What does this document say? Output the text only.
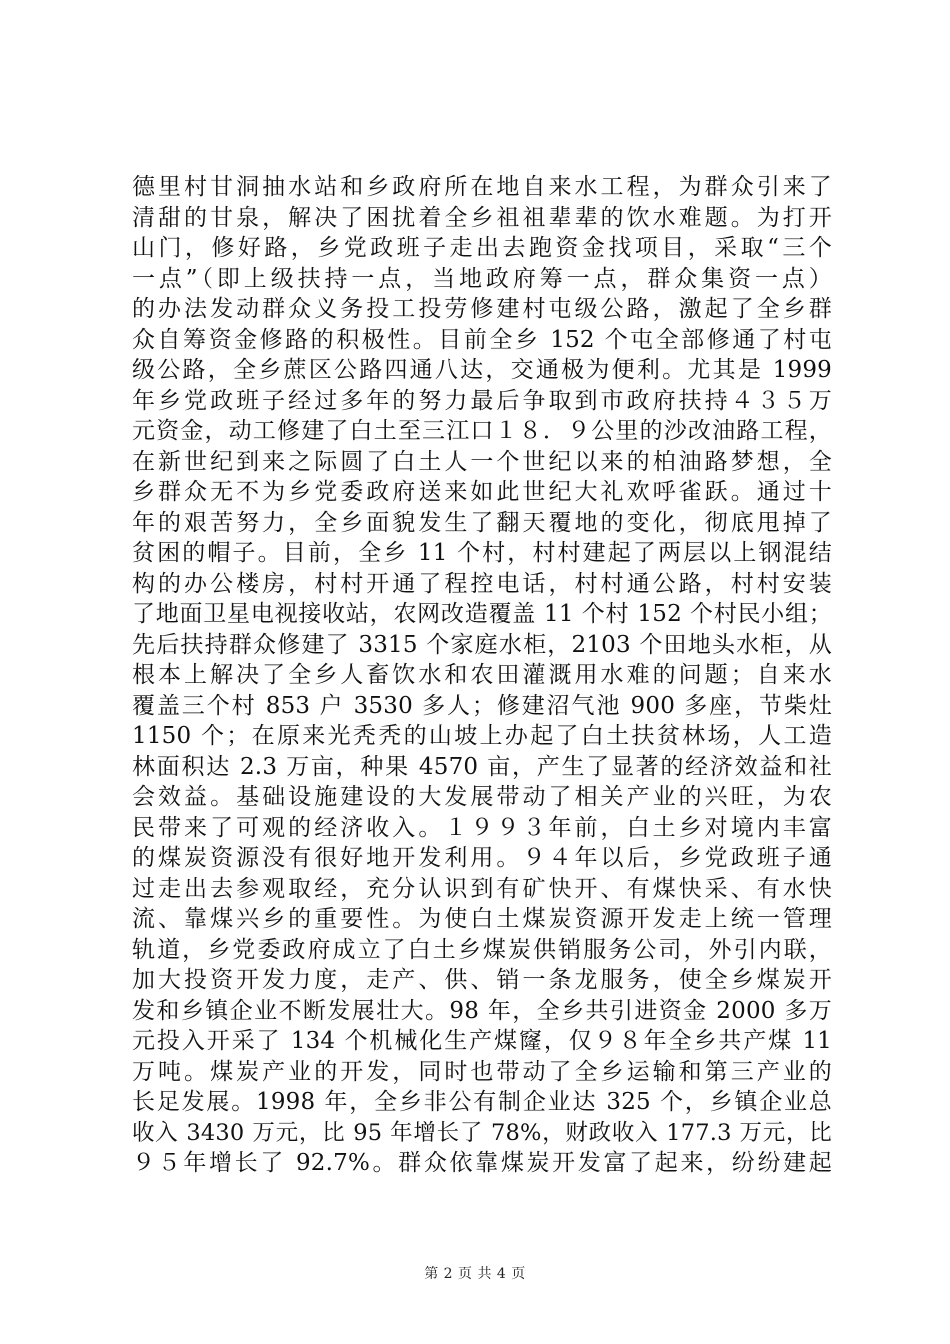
德里村甘洞抽水站和乡政府所在地自来水工程，为群众引来了
清甜的甘泉，解决了困扰着全乡祖祖辈辈的饮水难题。为打开
山门，修好路，乡党政班子走出去跑资金找项目，采取“三个
一点”（即上级扶持一点，当地政府筹一点，群众集资一点）
的办法发动群众义务投工投劳修建村屯级公路，激起了全乡群
众自筹资金修路的积极性。目前全乡 152 个屯全部修通了村屯
级公路，全乡蔗区公路四通八达，交通极为便利。尤其是 1999
年乡党政班子经过多年的努力最后争取到市政府扶持４３５万
元资金，动工修建了白土至三江口１８．９公里的沙改油路工程，
在新世纪到来之际圆了白土人一个世纪以来的柏油路梦想，全
乡群众无不为乡党委政府送来如此世纪大礼欢呼雀跃。通过十
年的艰苦努力，全乡面貌发生了翻天覆地的变化，彻底甩掉了
贫困的帽子。目前，全乡 11 个村，村村建起了两层以上钢混结
构的办公楼房，村村开通了程控电话，村村通公路，村村安装
了地面卫星电视接收站，农网改造覆盖 11 个村 152 个村民小组；
先后扶持群众修建了 3315 个家庭水柜，2103 个田地头水柜，从
根本上解决了全乡人畜饮水和农田灌溉用水难的问题；自来水
覆盖三个村 853 户 3530 多人；修建沼气池 900 多座，节柴灶
1150 个；在原来光秃秃的山坡上办起了白土扶贫林场，人工造
林面积达 2.3 万亩，种果 4570 亩，产生了显著的经济效益和社
会效益。基础设施建设的大发展带动了相关产业的兴旺，为农
民带来了可观的经济收入。１９９３年前，白土乡对境内丰富
的煤炭资源没有很好地开发利用。９４年以后，乡党政班子通
过走出去参观取经，充分认识到有矿快开、有煤快采、有水快
流、靠煤兴乡的重要性。为使白土煤炭资源开发走上统一管理
轨道，乡党委政府成立了白土乡煤炭供销服务公司，外引内联，
加大投资开发力度，走产、供、销一条龙服务，使全乡煤炭开
发和乡镇企业不断发展壮大。98 年，全乡共引进资金 2000 多万
元投入开采了 134 个机械化生产煤窿，仅９８年全乡共产煤 11
万吨。煤炭产业的开发，同时也带动了全乡运输和第三产业的
长足发展。1998 年，全乡非公有制企业达 325 个，乡镇企业总
收入 3430 万元，比 95 年增长了 78%，财政收入 177.3 万元，比
９５年增长了 92.7%。群众依靠煤炭开发富了起来，纷纷建起
第 2 页 共 4 页
